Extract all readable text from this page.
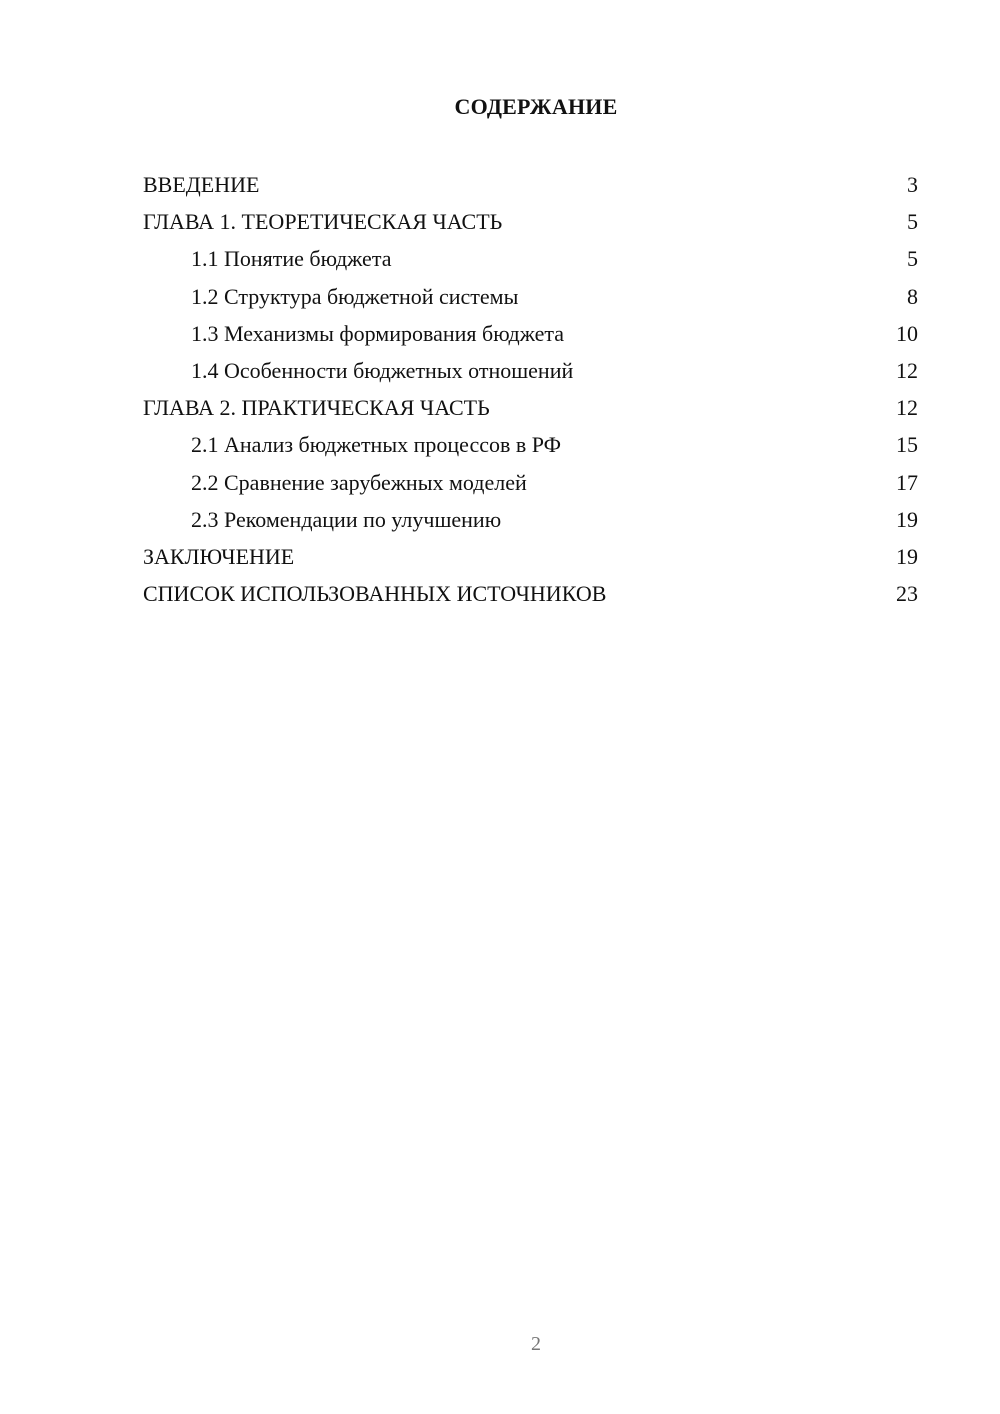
СОДЕРЖАНИЕ
ВВЕДЕНИЕ	3
ГЛАВА 1. ТЕОРЕТИЧЕСКАЯ ЧАСТЬ	5
1.1 Понятие бюджета	5
1.2 Структура бюджетной системы	8
1.3 Механизмы формирования бюджета	10
1.4 Особенности бюджетных отношений	12
ГЛАВА 2. ПРАКТИЧЕСКАЯ ЧАСТЬ	12
2.1 Анализ бюджетных процессов в РФ	15
2.2 Сравнение зарубежных моделей	17
2.3 Рекомендации по улучшению	19
ЗАКЛЮЧЕНИЕ	19
СПИСОК ИСПОЛЬЗОВАННЫХ ИСТОЧНИКОВ	23
2
